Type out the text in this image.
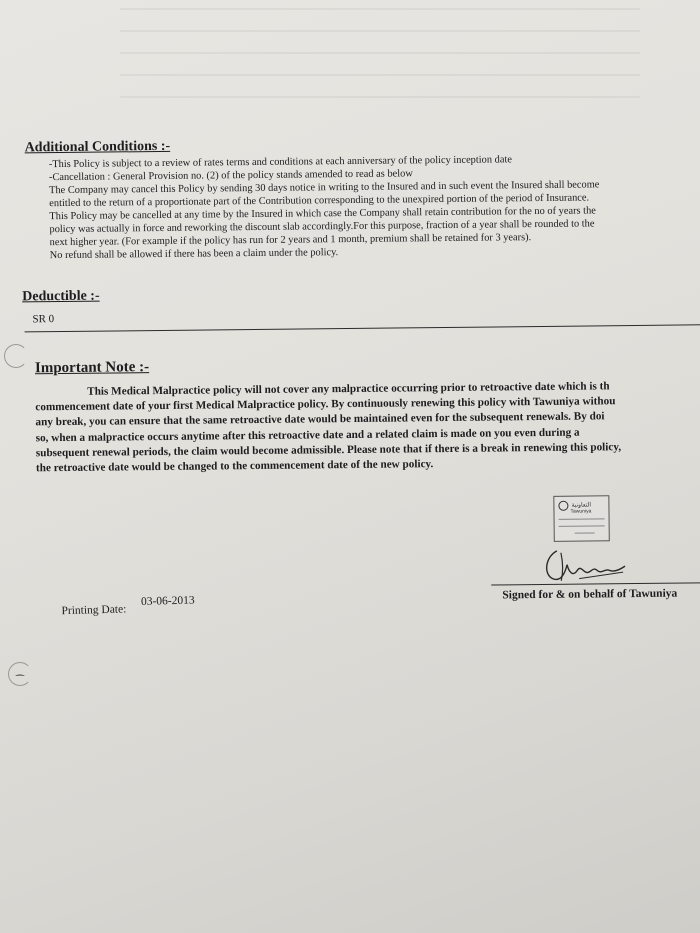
Additional Conditions :-
-This Policy is subject to a review of rates terms and conditions at each anniversary of the policy inception date
-Cancellation : General Provision no. (2) of the policy stands amended to read as below
The Company may cancel this Policy by sending 30 days notice in writing to the Insured and in such event the Insured shall become
entitled to the return of a proportionate part of the Contribution corresponding to the unexpired portion of the period of Insurance.
This Policy may be cancelled at any time by the Insured in which case the Company shall retain contribution for the no of years the
policy was actually in force and reworking the discount slab accordingly.For this purpose, fraction of a year shall be rounded to the
next higher year. (For example if the policy has run for 2 years and 1 month, premium shall be retained for 3 years).
No refund shall be allowed if there has been a claim under the policy.
Deductible :-
SR 0
Important Note :-
This Medical Malpractice policy will not cover any malpractice occurring prior to retroactive date which is th
commencement date of your first Medical Malpractice policy. By continuously renewing this policy with Tawuniya withou
any break, you can ensure that the same retroactive date would be maintained even for the subsequent renewals. By doi
so, when a malpractice occurs anytime after this retroactive date and a related claim is made on you even during a
subsequent renewal periods, the claim would become admissible. Please note that if there is a break in renewing this policy,
the retroactive date would be changed to the commencement date of the new policy.
التعاونية
Tawuniya
Signed for & on behalf of Tawuniya
Printing Date: 03-06-2013
⁀
